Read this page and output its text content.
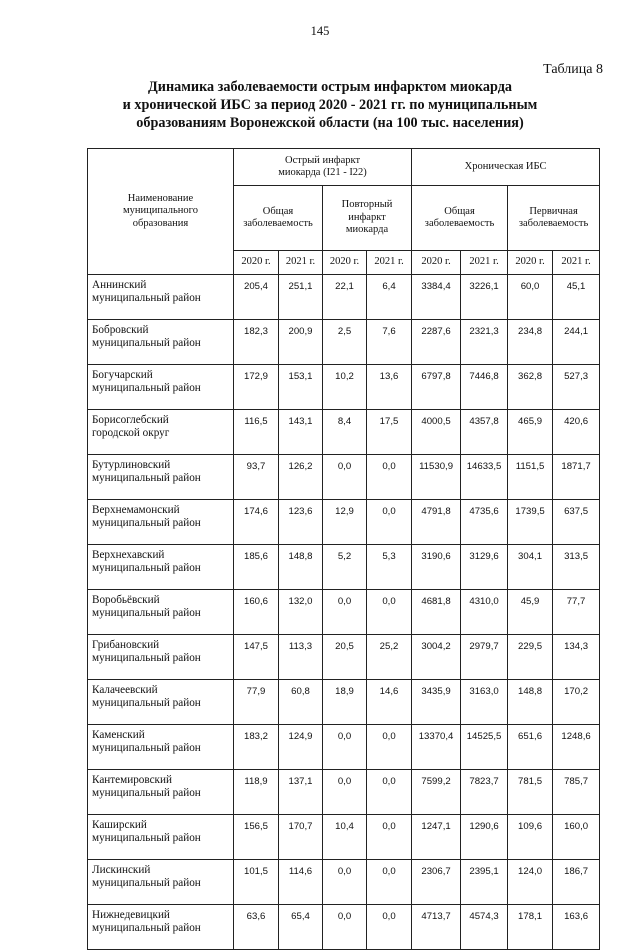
145
Таблица 8
Динамика заболеваемости острым инфарктом миокарда
и хронической ИБС за период 2020 - 2021 гг. по муниципальным
образованиям Воронежской области (на 100 тыс. населения)
Наименование муниципального образования	Острый инфаркт миокарда (I21 - I22)				Хроническая ИБС			
	Общая заболеваемость		Повторный инфаркт миокарда		Общая заболеваемость		Первичная заболеваемость	
	2020 г.	2021 г.	2020 г.	2021 г.	2020 г.	2021 г.	2020 г.	2021 г.

Аннинский
муниципальный район	205,4	251,1	22,1	6,4	3384,4	3226,1	60,0	45,1

Бобровский
муниципальный район	182,3	200,9	2,5	7,6	2287,6	2321,3	234,8	244,1

Богучарский
муниципальный район	172,9	153,1	10,2	13,6	6797,8	7446,8	362,8	527,3

Борисоглебский
городской округ	116,5	143,1	8,4	17,5	4000,5	4357,8	465,9	420,6

Бутурлиновский
муниципальный район	93,7	126,2	0,0	0,0	11530,9	14633,5	1151,5	1871,7

Верхнемамонский
муниципальный район	174,6	123,6	12,9	0,0	4791,8	4735,6	1739,5	637,5

Верхнехавский
муниципальный район	185,6	148,8	5,2	5,3	3190,6	3129,6	304,1	313,5

Воробьёвский
муниципальный район	160,6	132,0	0,0	0,0	4681,8	4310,0	45,9	77,7

Грибановский
муниципальный район	147,5	113,3	20,5	25,2	3004,2	2979,7	229,5	134,3

Калачеевский
муниципальный район	77,9	60,8	18,9	14,6	3435,9	3163,0	148,8	170,2

Каменский
муниципальный район	183,2	124,9	0,0	0,0	13370,4	14525,5	651,6	1248,6

Кантемировский
муниципальный район	118,9	137,1	0,0	0,0	7599,2	7823,7	781,5	785,7

Каширский
муниципальный район	156,5	170,7	10,4	0,0	1247,1	1290,6	109,6	160,0

Лискинский
муниципальный район	101,5	114,6	0,0	0,0	2306,7	2395,1	124,0	186,7

Нижнедевицкий
муниципальный район	63,6	65,4	0,0	0,0	4713,7	4574,3	178,1	163,6
